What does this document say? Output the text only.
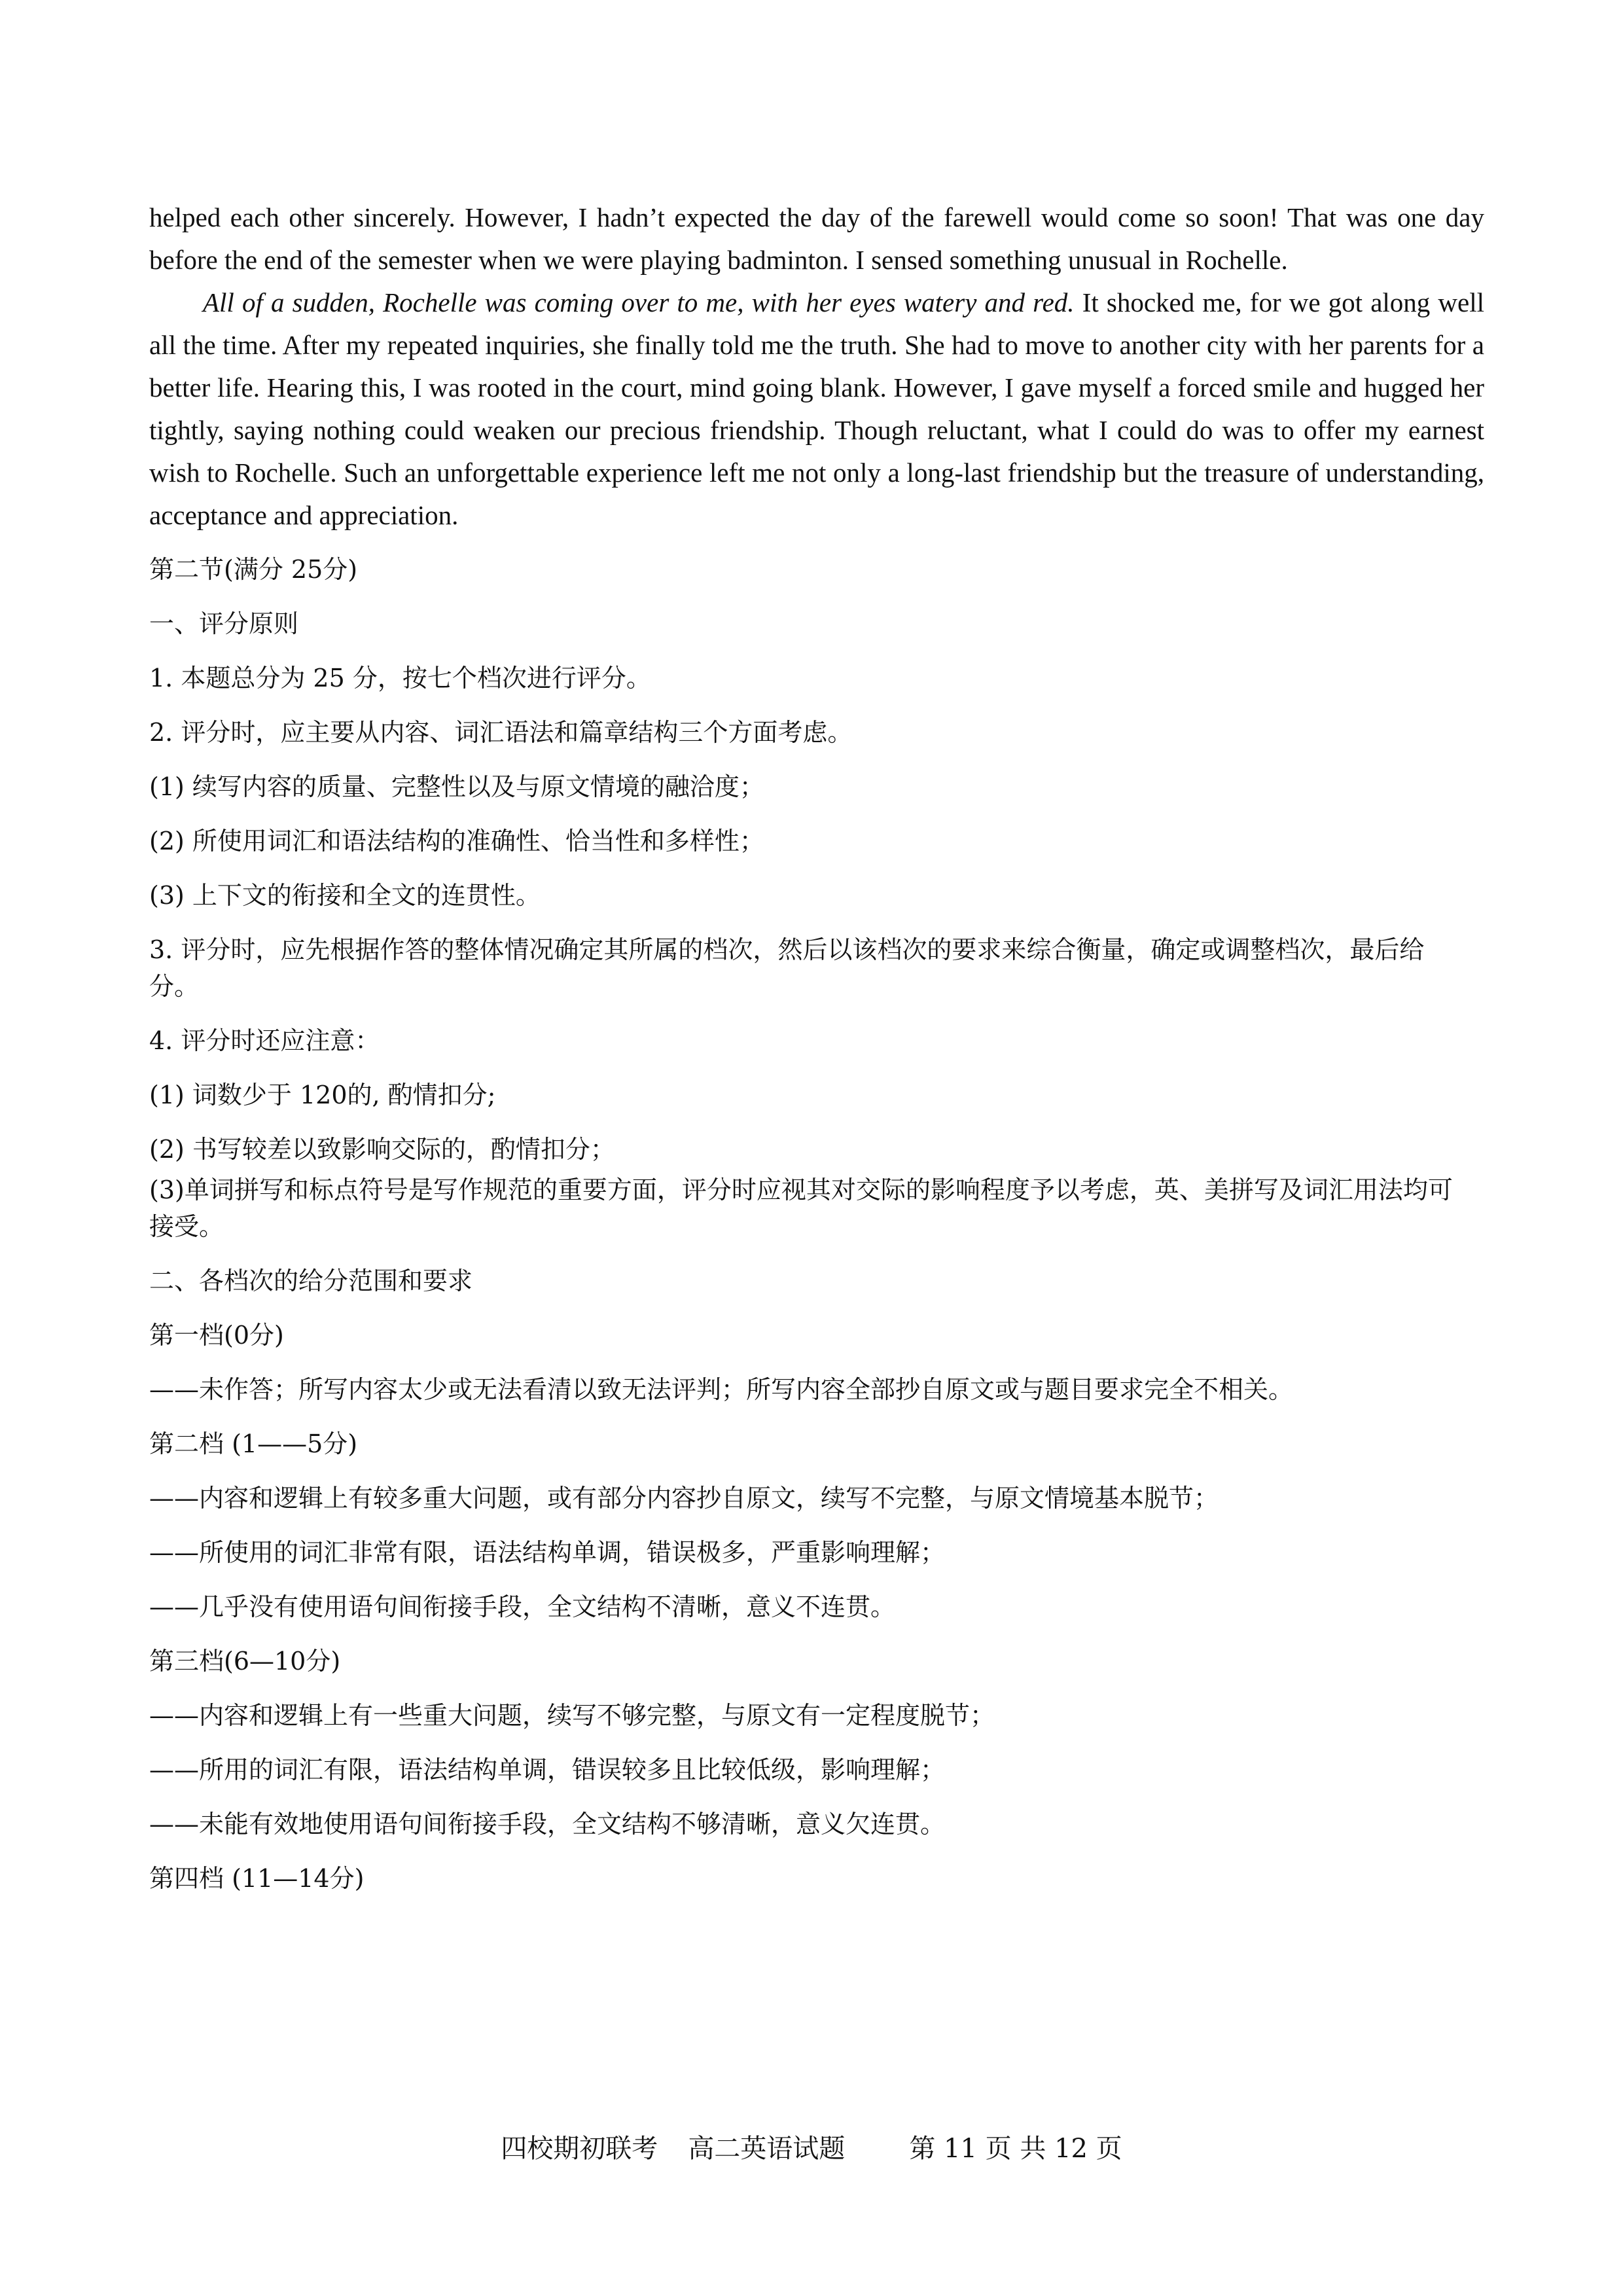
helped each other sincerely. However, I hadn’t expected the day of the farewell would come so soon! That was one day before the end of the semester when we were playing badminton. I sensed something unusual in Rochelle.

All of a sudden, Rochelle was coming over to me, with her eyes watery and red. It shocked me, for we got along well all the time. After my repeated inquiries, she finally told me the truth. She had to move to another city with her parents for a better life. Hearing this, I was rooted in the court, mind going blank. However, I gave myself a forced smile and hugged her tightly, saying nothing could weaken our precious friendship. Though reluctant, what I could do was to offer my earnest wish to Rochelle. Such an unforgettable experience left me not only a long-last friendship but the treasure of understanding, acceptance and appreciation.

第二节(满分 25分)
一、评分原则
1. 本题总分为 25 分，按七个档次进行评分。
2. 评分时，应主要从内容、词汇语法和篇章结构三个方面考虑。
(1) 续写内容的质量、完整性以及与原文情境的融洽度；
(2) 所使用词汇和语法结构的准确性、恰当性和多样性；
(3) 上下文的衔接和全文的连贯性。
3. 评分时，应先根据作答的整体情况确定其所属的档次，然后以该档次的要求来综合衡量，确定或调整档次，最后给分。
4. 评分时还应注意：
(1) 词数少于 120的, 酌情扣分;
(2) 书写较差以致影响交际的，酌情扣分；
(3)单词拼写和标点符号是写作规范的重要方面，评分时应视其对交际的影响程度予以考虑，英、美拼写及词汇用法均可接受。
二、各档次的给分范围和要求
第一档(0分)
——未作答；所写内容太少或无法看清以致无法评判；所写内容全部抄自原文或与题目要求完全不相关。
第二档 (1——5分)
——内容和逻辑上有较多重大问题，或有部分内容抄自原文，续写不完整，与原文情境基本脱节；
——所使用的词汇非常有限，语法结构单调，错误极多，严重影响理解；
——几乎没有使用语句间衔接手段，全文结构不清晰，意义不连贯。
第三档(6—10分)
——内容和逻辑上有一些重大问题，续写不够完整，与原文有一定程度脱节；
——所用的词汇有限，语法结构单调，错误较多且比较低级，影响理解；
——未能有效地使用语句间衔接手段，全文结构不够清晰，意义欠连贯。
第四档 (11—14分)
四校期初联考 高二英语试题 第 11 页 共 12 页
